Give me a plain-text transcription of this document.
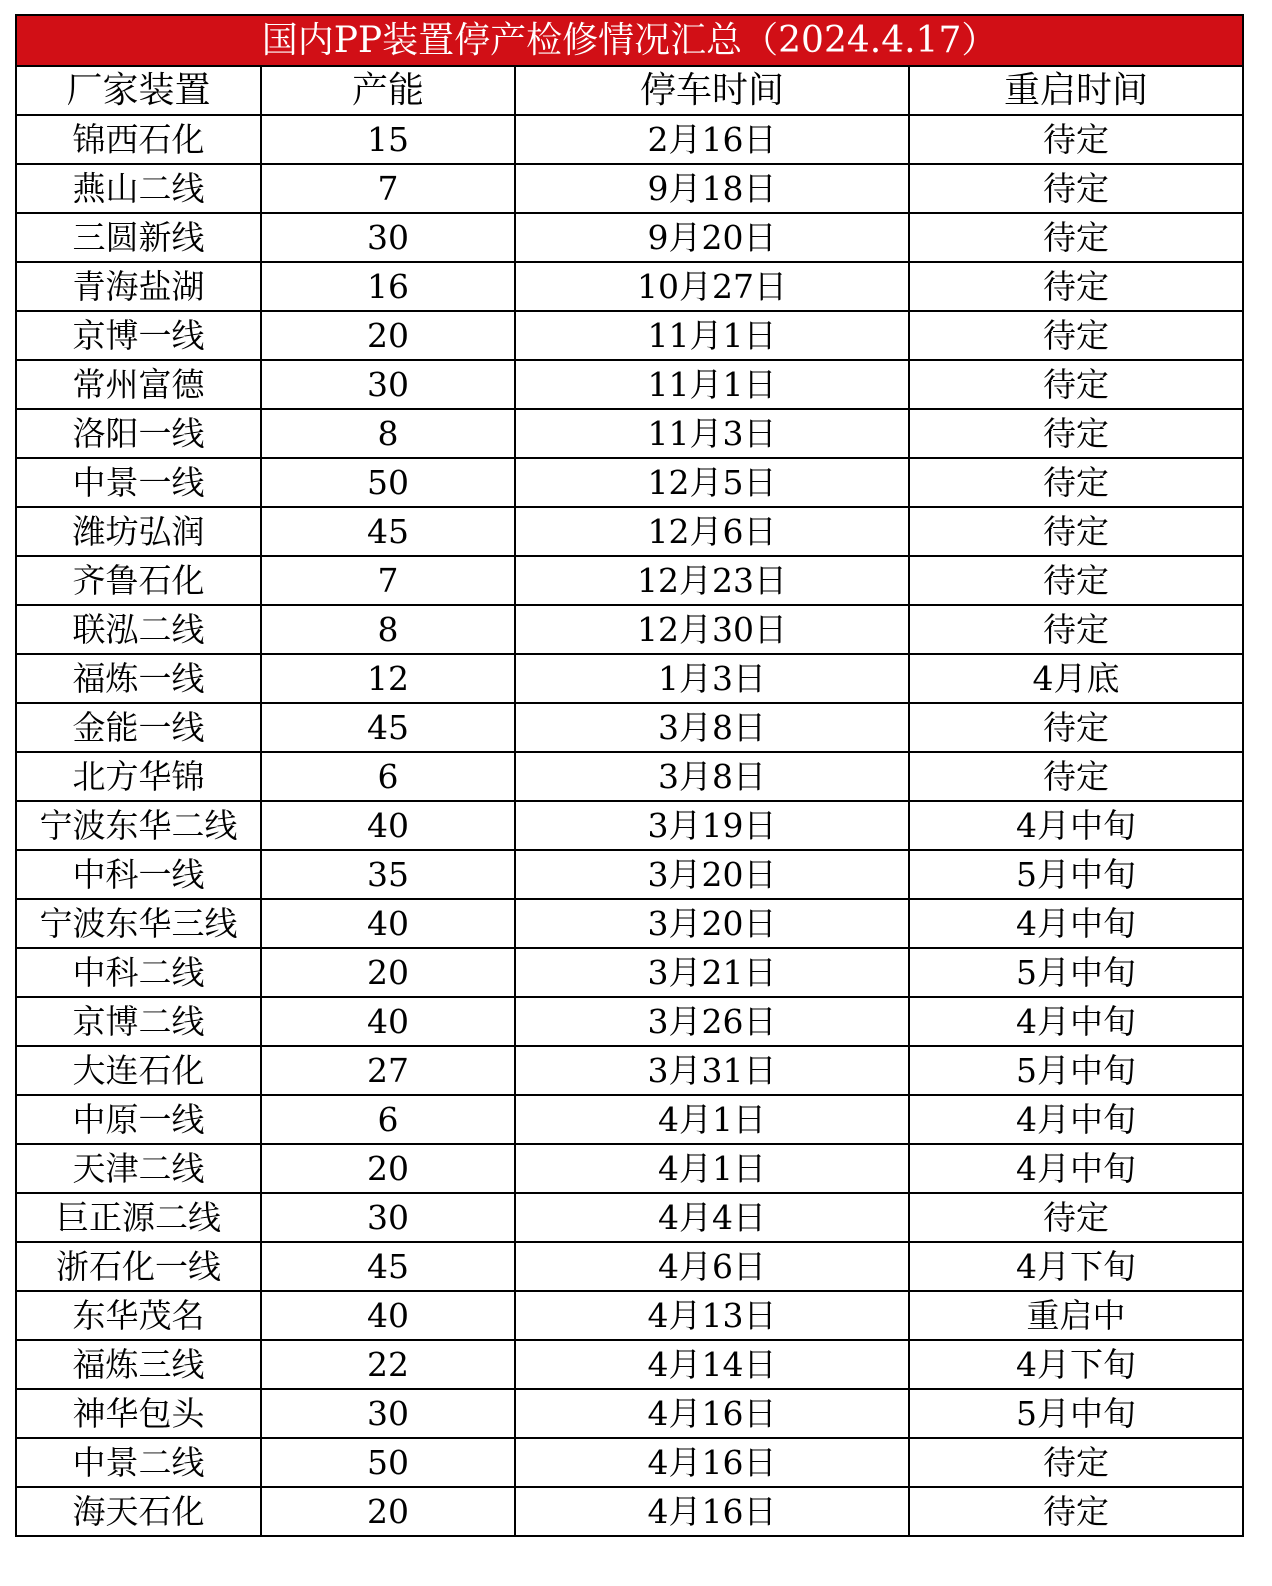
国内PP装置停产检修情况汇总（2024.4.17）			
厂家装置	产能	停车时间	重启时间
锦西石化	15	2月16日	待定
燕山二线	7	9月18日	待定
三圆新线	30	9月20日	待定
青海盐湖	16	10月27日	待定
京博一线	20	11月1日	待定
常州富德	30	11月1日	待定
洛阳一线	8	11月3日	待定
中景一线	50	12月5日	待定
潍坊弘润	45	12月6日	待定
齐鲁石化	7	12月23日	待定
联泓二线	8	12月30日	待定
福炼一线	12	1月3日	4月底
金能一线	45	3月8日	待定
北方华锦	6	3月8日	待定
宁波东华二线	40	3月19日	4月中旬
中科一线	35	3月20日	5月中旬
宁波东华三线	40	3月20日	4月中旬
中科二线	20	3月21日	5月中旬
京博二线	40	3月26日	4月中旬
大连石化	27	3月31日	5月中旬
中原一线	6	4月1日	4月中旬
天津二线	20	4月1日	4月中旬
巨正源二线	30	4月4日	待定
浙石化一线	45	4月6日	4月下旬
东华茂名	40	4月13日	重启中
福炼三线	22	4月14日	4月下旬
神华包头	30	4月16日	5月中旬
中景二线	50	4月16日	待定
海天石化	20	4月16日	待定
